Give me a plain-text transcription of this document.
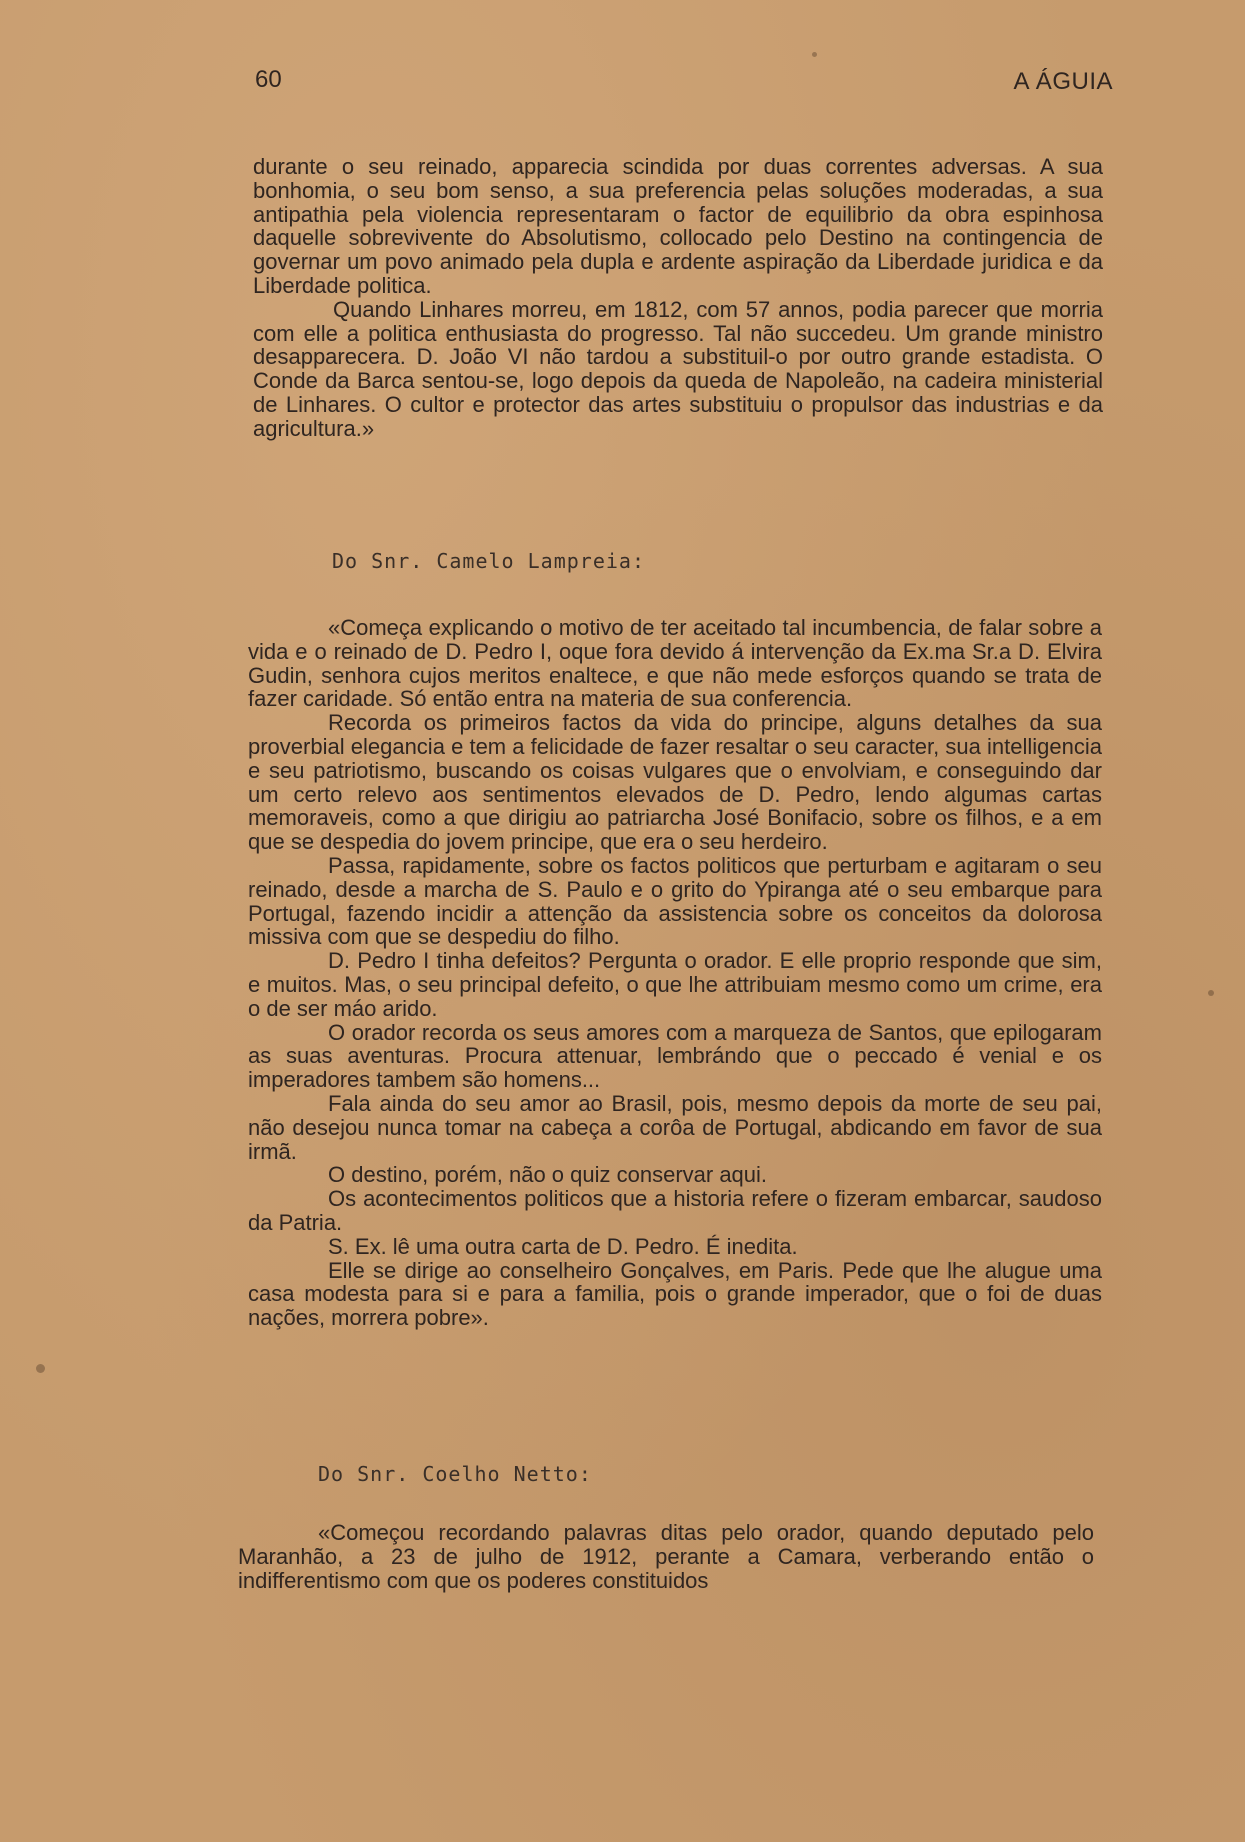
60	A ÁGUIA

durante o seu reinado, apparecia scindida por duas correntes adversas. A sua bonhomia, o seu bom senso, a sua preferencia pelas soluções moderadas, a sua antipathia pela violencia representaram o factor de equilibrio da obra espinhosa daquelle sobrevivente do Absolutismo, collocado pelo Destino na contingencia de governar um povo animado pela dupla e ardente aspiração da Liberdade juridica e da Liberdade politica.

Quando Linhares morreu, em 1812, com 57 annos, podia parecer que morria com elle a politica enthusiasta do progresso. Tal não succedeu. Um grande ministro desapparecera. D. João VI não tardou a substituil-o por outro grande estadista. O Conde da Barca sentou-se, logo depois da queda de Napoleão, na cadeira ministerial de Linhares. O cultor e protector das artes substituiu o propulsor das industrias e da agricultura.»

Do Snr. Camelo Lampreia:

«Começa explicando o motivo de ter aceitado tal incumbencia, de falar sobre a vida e o reinado de D. Pedro I, oque fora devido á intervenção da Ex.ma Sr.a D. Elvira Gudin, senhora cujos meritos enaltece, e que não mede esforços quando se trata de fazer caridade. Só então entra na materia de sua conferencia.

Recorda os primeiros factos da vida do principe, alguns detalhes da sua proverbial elegancia e tem a felicidade de fazer resaltar o seu caracter, sua intelligencia e seu patriotismo, buscando os coisas vulgares que o envolviam, e conseguindo dar um certo relevo aos sentimentos elevados de D. Pedro, lendo algumas cartas memoraveis, como a que dirigiu ao patriarcha José Bonifacio, sobre os filhos, e a em que se despedia do jovem principe, que era o seu herdeiro.

Passa, rapidamente, sobre os factos politicos que perturbam e agitaram o seu reinado, desde a marcha de S. Paulo e o grito do Ypiranga até o seu embarque para Portugal, fazendo incidir a attenção da assistencia sobre os conceitos da dolorosa missiva com que se despediu do filho.

D. Pedro I tinha defeitos? Pergunta o orador. E elle proprio responde que sim, e muitos. Mas, o seu principal defeito, o que lhe attribuiam mesmo como um crime, era o de ser máo arido.

O orador recorda os seus amores com a marqueza de Santos, que epilogaram as suas aventuras. Procura attenuar, lembrándo que o peccado é venial e os imperadores tambem são homens...

Fala ainda do seu amor ao Brasil, pois, mesmo depois da morte de seu pai, não desejou nunca tomar na cabeça a corôa de Portugal, abdicando em favor de sua irmã.

O destino, porém, não o quiz conservar aqui.

Os acontecimentos politicos que a historia refere o fizeram embarcar, saudoso da Patria.

S. Ex. lê uma outra carta de D. Pedro. É inedita.

Elle se dirige ao conselheiro Gonçalves, em Paris. Pede que lhe alugue uma casa modesta para si e para a familia, pois o grande imperador, que o foi de duas nações, morrera pobre».

Do Snr. Coelho Netto:

«Começou recordando palavras ditas pelo orador, quando deputado pelo Maranhão, a 23 de julho de 1912, perante a Camara, verberando então o indifferentismo com que os poderes constituidos
